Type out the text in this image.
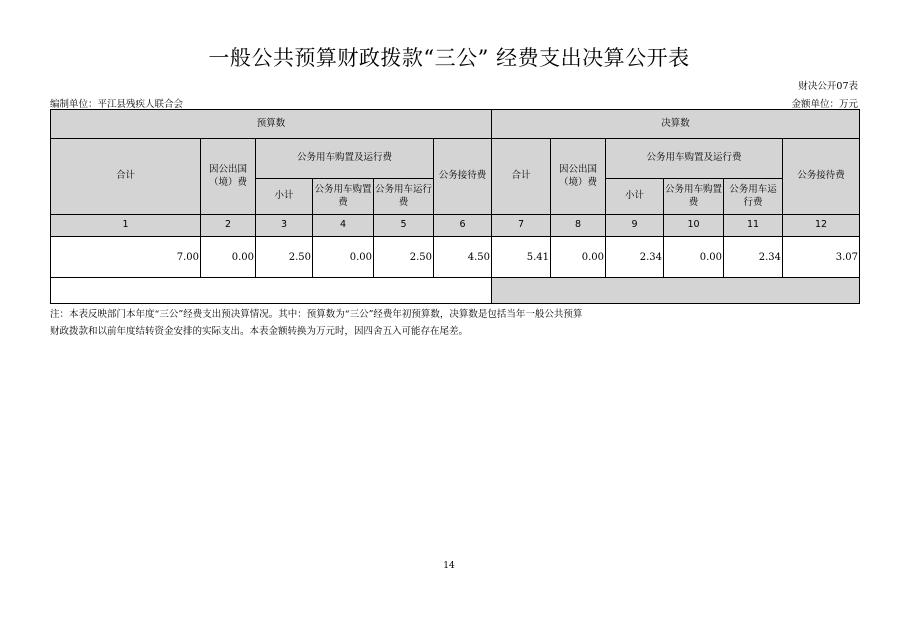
一般公共预算财政拨款“三公” 经费支出决算公开表
财决公开07表
编制单位：平江县残疾人联合会	金额单位：万元
预算数						决算数					
合计	因公出国（境）费	公务用车购置及运行费			公务接待费	合计	因公出国（境）费	公务用车购置及运行费			公务接待费
		小计	公务用车购置费	公务用车运行费				小计	公务用车购置费	公务用车运行费	
1	2	3	4	5	6	7	8	9	10	11	12
7.00	0.00	2.50	0.00	2.50	4.50	5.41	0.00	2.34	0.00	2.34	3.07

注：本表反映部门本年度“三公”经费支出预决算情况。其中：预算数为“三公”经费年初预算数，决算数是包括当年一般公共预算
财政拨款和以前年度结转资金安排的实际支出。本表金额转换为万元时，因四舍五入可能存在尾差。
14
